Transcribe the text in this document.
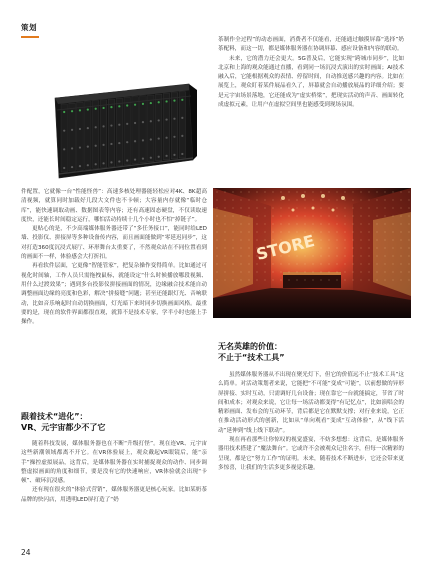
策划

件配置，它就像一台“性能怪兽”：高速多核处理器能轻松应对4K、8K超高清视频，就算同时加载好几段大文件也不卡顿；大容量内存就像“临时仓库”，能快速调取动画、数据图表等内容；还有高速固态硬盘，不仅读取速度快，还能长时间稳定运行，哪怕活动持续十几个小时也不怕“掉链子”。

更贴心的是，不少高端媒体服务器还带了“多任务接口”，能同时给LED墙、投影仪、拼接屏等多种设备传内容，而且画面能做到“零延迟同步”，这对打造360度沉浸式展厅、环形舞台太重要了，不然观众站在不同位置看到的画面不一样，体验感会大打折扣。

再看软件层面，它更像“智能管家”，把复杂操作变得简单。比如通过可视化时间轴，工作人员只需拖拽鼠标，就能设定“什么时候播放哪段视频、用什么过渡效果”；遇到多台投影仪拼接画面的情况，边缘融合技术能自动调整画面边缘的亮度和色彩，解决“拼接缝”问题；甚至还能跟灯光、音响联动，比如音乐响起时自动切换画面，灯光暗下来时同步切换画面风格。最重要的是，现在的软件界面都很直观，就算不是技术专家，学半小时也能上手操作。

跟着技术“进化”：
VR、元宇宙都少不了它

随着科技发展，媒体服务器也在不断“升级打怪”。现在连VR、元宇宙这些新潮领域都离不开它。在VR体验展上，观众戴起VR眼镜后，能“亲手”操控虚拟展品，这背后，是媒体服务器在实时捕捉观众的动作、同步调整虚拟画面的角度和细节，要是没有它的快速响应，VR体验就会出现“卡顿”、破环沉浸感。

还有现在很火的“体验式营销”，媒体服务器更是核心玩家。比如某奶茶品牌的快闪店，用透明LED屏打造了“奶

茶制作全过程”的动态画面，消费者不仅能看，还能通过触摸屏幕“选择”奶茶配料，而这一切，都是媒体服务器在协调屏幕、感应设备和内容的联动。

未来，它的潜力还会更大。5G普及后，它能实现“跨城市同步”，比如北京和上海的观众能通过直播，看到同一场沉浸式演出的实时画面；AI技术融入后，它能根据观众的表情、停留时间，自动推送感兴趣的内容。比如在展览上，观众盯着某件展品看久了，屏幕就会自动播放展品的详细介绍；要是元宇宙场景落地，它还能成为“虚实桥梁”，把现实活动的声音、画面转化成虚拟元素，让用户在虚拟空间里也能感受到现场氛围。

STORE
无名英雄的价值：
不止于“技术工具”

虽然媒体服务器从不出现在聚光灯下，但它的价值远不止“技术工具”这么简单。对活动策划者来说，它能把“不可能”变成“可能”，以前想做的异形屏拼接、实时互动，只需调好几台设备；现在靠它一台就能搞定，节省了时间和成本；对观众来说，它让每一场活动都变得“有记忆点”，比如演唱会的精彩画面、发布会的互动环节，背后都是它在默默支撑；对行业来说，它正在推动活动形式的创新，比如从“单向观看”变成“互动体验”，从“线下活动”延伸到“线上线下联动”。

现在再看那些让你惊叹的视觉盛宴，不妨多想想：这背后，是媒体服务器用技术搭建了“魔法舞台”。它或许不会被观众记住名字，但每一次精彩的呈现，都是它“努力工作”的证明。未来，随着技术不断进步，它还会带来更多惊喜，让我们的生活多更多视觉乐趣。

24
